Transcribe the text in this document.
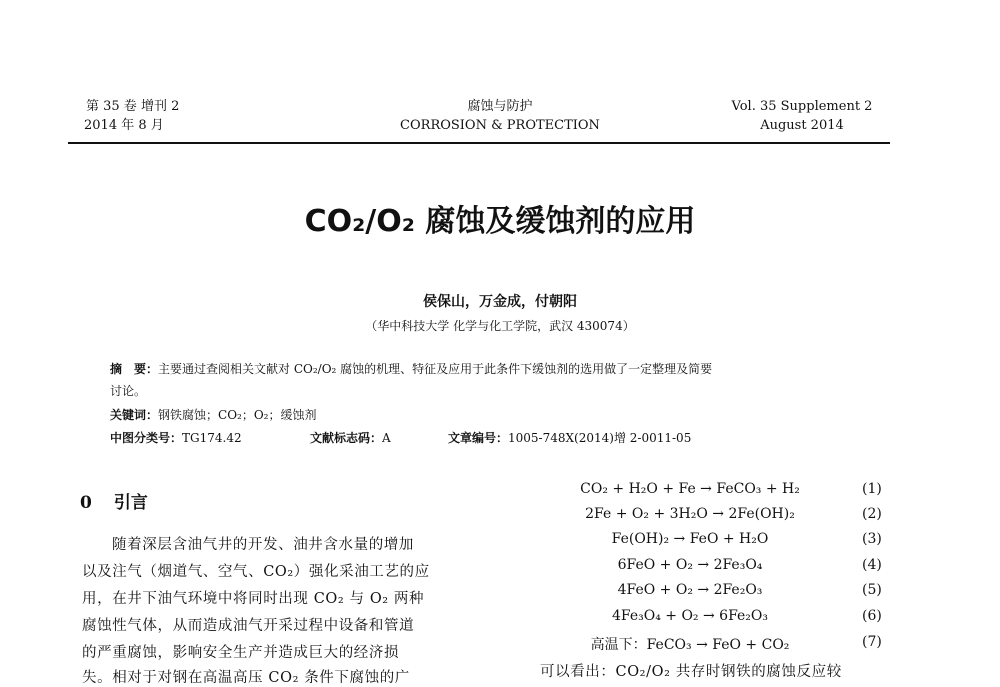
第 35 卷 增刊 2
2014 年 8 月
腐蚀与防护
CORROSION & PROTECTION
Vol. 35 Supplement 2
August 2014
CO₂/O₂ 腐蚀及缓蚀剂的应用
侯保山，万金成，付朝阳
（华中科技大学 化学与化工学院，武汉 430074）
摘　要：主要通过查阅相关文献对 CO₂/O₂ 腐蚀的机理、特征及应用于此条件下缓蚀剂的选用做了一定整理及简要
讨论。
关键词：钢铁腐蚀；CO₂；O₂；缓蚀剂
中图分类号：TG174.42	文献标志码：A	文章编号：1005-748X(2014)增 2-0011-05
0 引言
随着深层含油气井的开发、油井含水量的增加
以及注气（烟道气、空气、CO₂）强化采油工艺的应
用，在井下油气环境中将同时出现 CO₂ 与 O₂ 两种
腐蚀性气体，从而造成油气开采过程中设备和管道
的严重腐蚀，影响安全生产并造成巨大的经济损
失。相对于对钢在高温高压 CO₂ 条件下腐蚀的广
CO₂ + H₂O + Fe → FeCO₃ + H₂	(1)
2Fe + O₂ + 3H₂O → 2Fe(OH)₂	(2)
Fe(OH)₂ → FeO + H₂O	(3)
6FeO + O₂ → 2Fe₃O₄	(4)
4FeO + O₂ → 2Fe₂O₃	(5)
4Fe₃O₄ + O₂ → 6Fe₂O₃	(6)
高温下：FeCO₃ → FeO + CO₂	(7)
可以看出：CO₂/O₂ 共存时钢铁的腐蚀反应较
